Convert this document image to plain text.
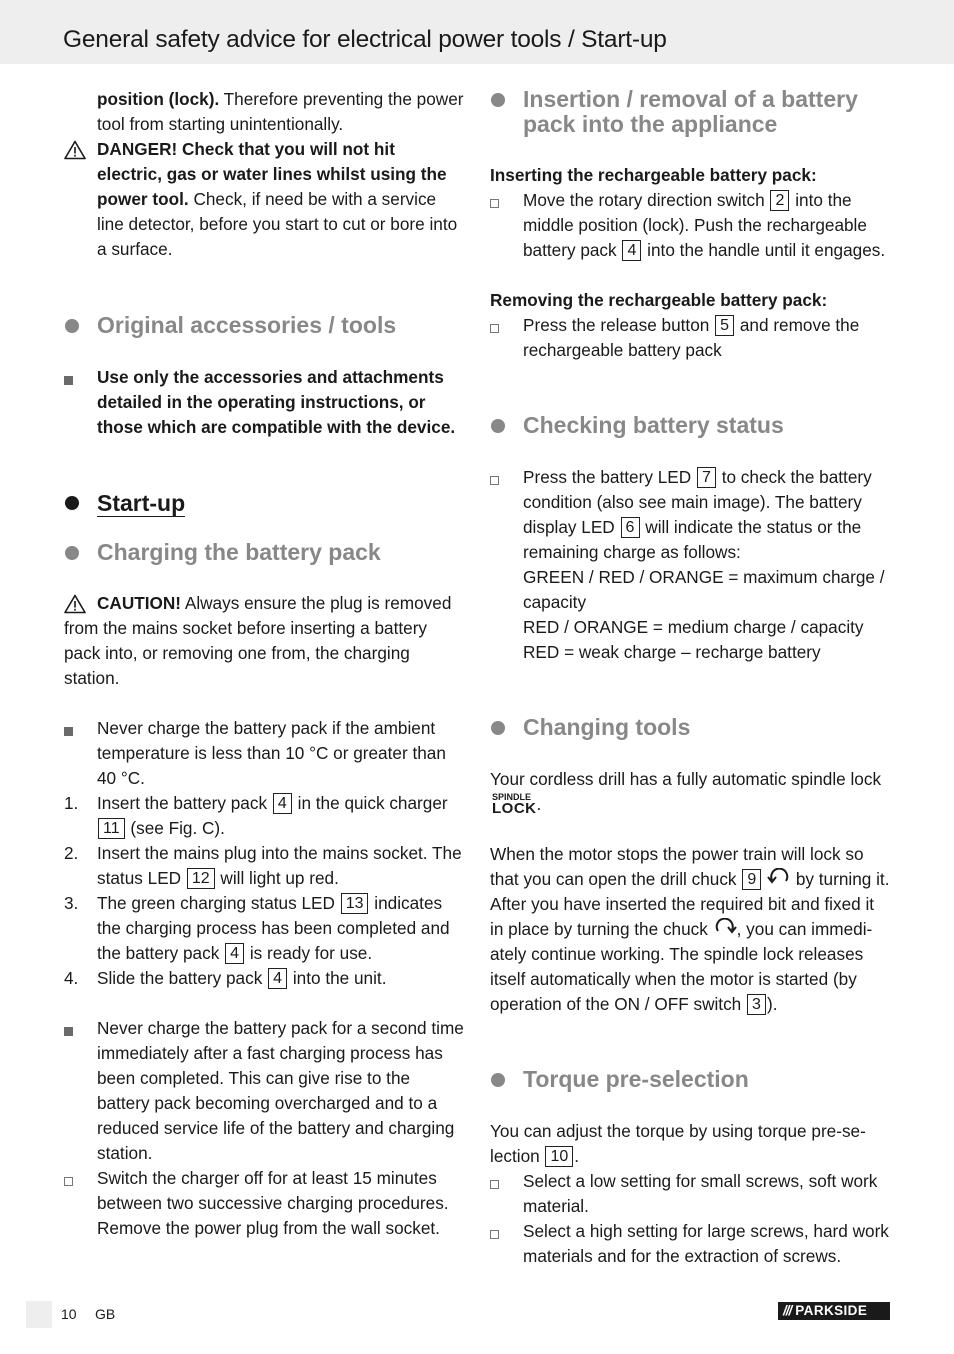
General safety advice for electrical power tools / Start-up

position (lock). Therefore preventing the power tool from starting unintentionally.

DANGER! Check that you will not hit electric, gas or water lines whilst using the power tool. Check, if need be with a service line detector, before you start to cut or bore into a surface.
Original accessories / tools
Use only the accessories and attachments detailed in the operating instructions, or those which are compatible with the device.
Start-up
Charging the battery pack
CAUTION! Always ensure the plug is removed from the mains socket before inserting a battery pack into, or removing one from, the charging station.
Never charge the battery pack if the ambient temperature is less than 10 °C or greater than 40 °C.
1. Insert the battery pack 4 in the quick charger 11 (see Fig. C).
2. Insert the mains plug into the mains socket. The status LED 12 will light up red.
3. The green charging status LED 13 indicates the charging process has been completed and the battery pack 4 is ready for use.
4. Slide the battery pack 4 into the unit.
Never charge the battery pack for a second time immediately after a fast charging process has been completed. This can give rise to the battery pack becoming overcharged and to a reduced service life of the battery and charging station.
Switch the charger off for at least 15 minutes between two successive charging procedures. Remove the power plug from the wall socket.
Insertion / removal of a battery pack into the appliance

Inserting the rechargeable battery pack:

Move the rotary direction switch 2 into the middle position (lock). Push the rechargeable battery pack 4 into the handle until it engages.

Removing the rechargeable battery pack:

Press the release button 5 and remove the rechargeable battery pack
Checking battery status
Press the battery LED 7 to check the battery condition (also see main image). The battery display LED 6 will indicate the status or the remaining charge as follows:
GREEN / RED / ORANGE = maximum charge / capacity
RED / ORANGE = medium charge / capacity
RED = weak charge – recharge battery
Changing tools

Your cordless drill has a fully automatic spindle lock
SPINDLE
LOCK .

When the motor stops the power train will lock so that you can open the drill chuck 9  by turning it. After you have inserted the required bit and fixed it in place by turning the chuck , you can immedi-ately continue working. The spindle lock releases itself automatically when the motor is started (by operation of the ON / OFF switch 3 ).

Torque pre-selection

You can adjust the torque by using torque pre-se-lection 10 .

Select a low setting for small screws, soft work material.
Select a high setting for large screws, hard work materials and for the extraction of screws.
10 GB	/// PARKSIDE
